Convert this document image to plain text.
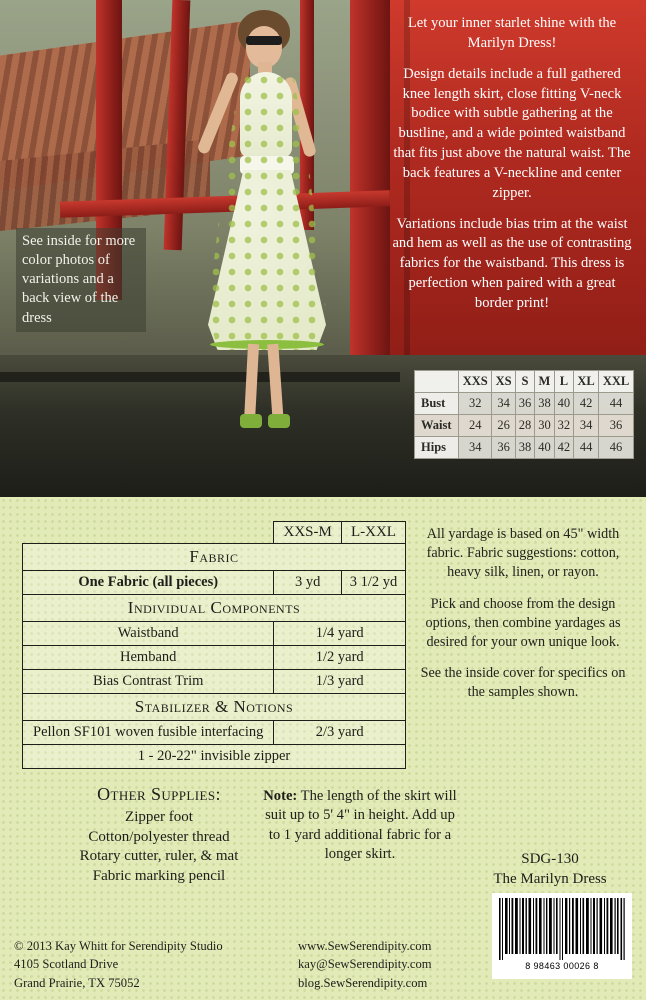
See inside for more color photos of variations and a back view of the dress

Let your inner starlet shine with the Marilyn Dress!

Design details include a full gathered knee length skirt, close fitting V-neck bodice with subtle gathering at the bustline, and a wide pointed waistband that fits just above the natural waist. The back features a V-neckline and center zipper.

Variations include bias trim at the waist and hem as well as the use of contrasting fabrics for the waistband. This dress is perfection when paired with a great border print!

	XXS	XS	S	M	L	XL	XXL
Bust	32	34	36	38	40	42	44
Waist	24	26	28	30	32	34	36
Hips	34	36	38	40	42	44	46
	XXS-M	L-XXL
Fabric		
One Fabric (all pieces)	3 yd	3 1/2 yd
Individual Components		
Waistband	1/4 yard	
Hemband	1/2 yard	
Bias Contrast Trim	1/3 yard	
Stabilizer & Notions		
Pellon SF101 woven fusible interfacing	2/3 yard	
1 - 20-22" invisible zipper		

All yardage is based on 45" width fabric. Fabric suggestions: cotton, heavy silk, linen, or rayon.

Pick and choose from the design options, then combine yardages as desired for your own unique look.

See the inside cover for specifics on the samples shown.

Other Supplies:
Zipper foot
Cotton/polyester thread
Rotary cutter, ruler, & mat
Fabric marking pencil
Note: The length of the skirt will suit up to 5' 4" in height. Add up to 1 yard additional fabric for a longer skirt.	SDG-130
The Marilyn Dress
© 2013 Kay Whitt for Serendipity Studio
4105 Scotland Drive
Grand Prairie, TX 75052
www.SewSerendipity.com
kay@SewSerendipity.com
blog.SewSerendipity.com
8 98463 00026 8
